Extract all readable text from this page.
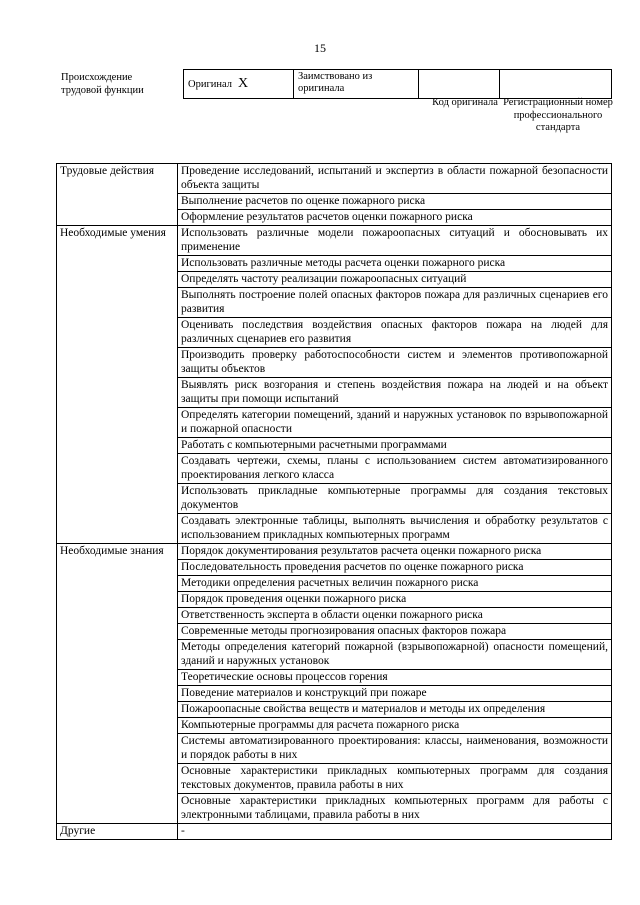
15
Происхождение
трудовой функции
Оригинал X	Заимствовано из оригинала		
Код оригинала Регистрационный номер профессионального стандарта
Трудовые действия	Проведение исследований, испытаний и экспертиз в области пожарной безопасности объекта защиты
	Выполнение расчетов по оценке пожарного риска
	Оформление результатов расчетов оценки пожарного риска
Необходимые умения	Использовать различные модели пожароопасных ситуаций и обосновывать их применение
	Использовать различные методы расчета оценки пожарного риска
	Определять частоту реализации пожароопасных ситуаций
	Выполнять построение полей опасных факторов пожара для различных сценариев его развития
	Оценивать последствия воздействия опасных факторов пожара на людей для различных сценариев его развития
	Производить проверку работоспособности систем и элементов противопожарной защиты объектов
	Выявлять риск возгорания и степень воздействия пожара на людей и на объект защиты при помощи испытаний
	Определять категории помещений, зданий и наружных установок по взрывопожарной и пожарной опасности
	Работать с компьютерными расчетными программами
	Создавать чертежи, схемы, планы с использованием систем автоматизированного проектирования легкого класса
	Использовать прикладные компьютерные программы для создания текстовых документов
	Создавать электронные таблицы, выполнять вычисления и обработку результатов с использованием прикладных компьютерных программ
Необходимые знания	Порядок документирования результатов расчета оценки пожарного риска
	Последовательность проведения расчетов по оценке пожарного риска
	Методики определения расчетных величин пожарного риска
	Порядок проведения оценки пожарного риска
	Ответственность эксперта в области оценки пожарного риска
	Современные методы прогнозирования опасных факторов пожара
	Методы определения категорий пожарной (взрывопожарной) опасности помещений, зданий и наружных установок
	Теоретические основы процессов горения
	Поведение материалов и конструкций при пожаре
	Пожароопасные свойства веществ и материалов и методы их определения
	Компьютерные программы для расчета пожарного риска
	Системы автоматизированного проектирования: классы, наименования, возможности и порядок работы в них
	Основные характеристики прикладных компьютерных программ для создания текстовых документов, правила работы в них
	Основные характеристики прикладных компьютерных программ для работы с электронными таблицами, правила работы в них
Другие	-
